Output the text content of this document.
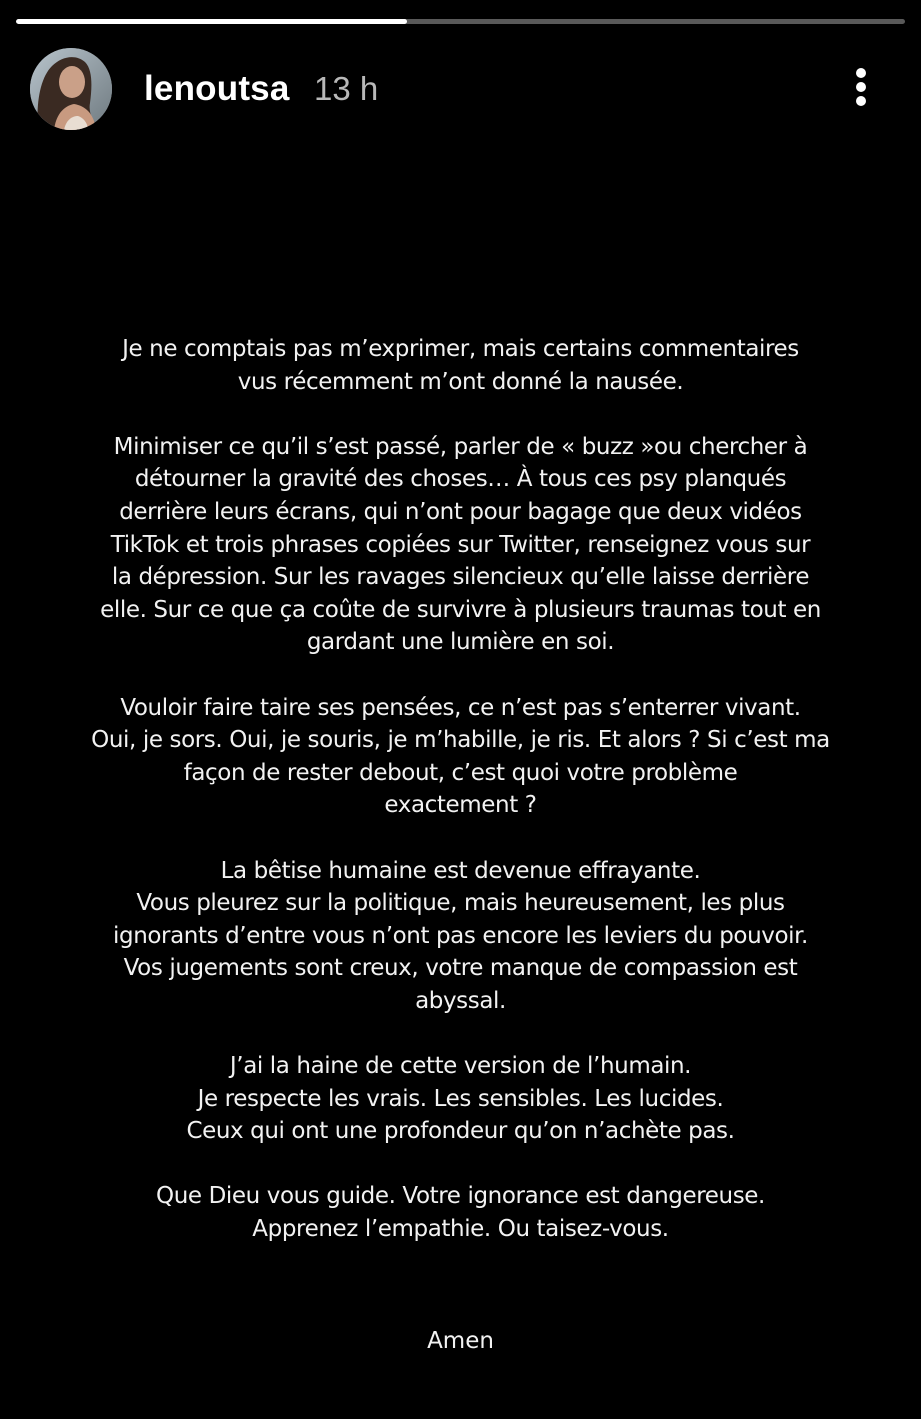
lenoutsa 13 h
Je ne comptais pas m’exprimer, mais certains commentaires
vus récemment m’ont donné la nausée.
Minimiser ce qu’il s’est passé, parler de « buzz »ou chercher à
détourner la gravité des choses… À tous ces psy planqués
derrière leurs écrans, qui n’ont pour bagage que deux vidéos
TikTok et trois phrases copiées sur Twitter, renseignez vous sur
la dépression. Sur les ravages silencieux qu’elle laisse derrière
elle. Sur ce que ça coûte de survivre à plusieurs traumas tout en
gardant une lumière en soi.
Vouloir faire taire ses pensées, ce n’est pas s’enterrer vivant.
Oui, je sors. Oui, je souris, je m’habille, je ris. Et alors ? Si c’est ma
façon de rester debout, c’est quoi votre problème
exactement ?
La bêtise humaine est devenue effrayante.
Vous pleurez sur la politique, mais heureusement, les plus
ignorants d’entre vous n’ont pas encore les leviers du pouvoir.
Vos jugements sont creux, votre manque de compassion est
abyssal.
J’ai la haine de cette version de l’humain.
Je respecte les vrais. Les sensibles. Les lucides.
Ceux qui ont une profondeur qu’on n’achète pas.
Que Dieu vous guide. Votre ignorance est dangereuse.
Apprenez l’empathie. Ou taisez-vous.
Amen
